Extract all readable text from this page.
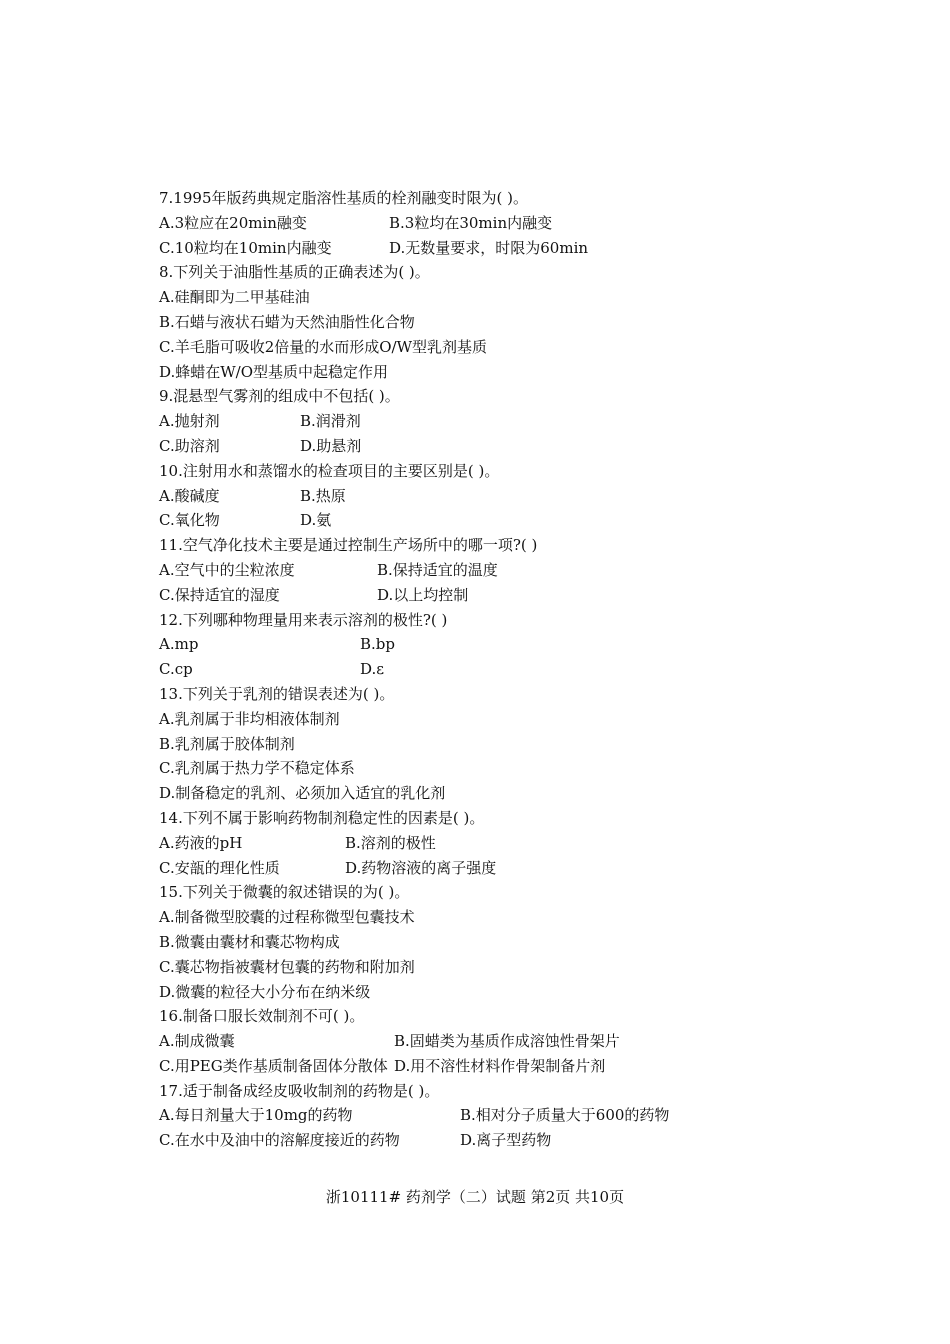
7.1995年版药典规定脂溶性基质的栓剂融变时限为( )。
A.3粒应在20min融变	B.3粒均在30min内融变
C.10粒均在10min内融变	D.无数量要求，时限为60min
8.下列关于油脂性基质的正确表述为( )。
A.硅酮即为二甲基硅油
B.石蜡与液状石蜡为天然油脂性化合物
C.羊毛脂可吸收2倍量的水而形成O/W型乳剂基质
D.蜂蜡在W/O型基质中起稳定作用
9.混悬型气雾剂的组成中不包括( )。
A.抛射剂	B.润滑剂
C.助溶剂	D.助悬剂
10.注射用水和蒸馏水的检查项目的主要区别是( )。
A.酸碱度	B.热原
C.氧化物	D.氨
11.空气净化技术主要是通过控制生产场所中的哪一项?( )
A.空气中的尘粒浓度	B.保持适宜的温度
C.保持适宜的湿度	D.以上均控制
12.下列哪种物理量用来表示溶剂的极性?( )
A.mp	B.bp
C.cp	D.ε
13.下列关于乳剂的错误表述为( )。
A.乳剂属于非均相液体制剂
B.乳剂属于胶体制剂
C.乳剂属于热力学不稳定体系
D.制备稳定的乳剂、必须加入适宜的乳化剂
14.下列不属于影响药物制剂稳定性的因素是( )。
A.药液的pH	B.溶剂的极性
C.安瓿的理化性质	D.药物溶液的离子强度
15.下列关于微囊的叙述错误的为( )。
A.制备微型胶囊的过程称微型包囊技术
B.微囊由囊材和囊芯物构成
C.囊芯物指被囊材包囊的药物和附加剂
D.微囊的粒径大小分布在纳米级
16.制备口服长效制剂不可( )。
A.制成微囊	B.固蜡类为基质作成溶蚀性骨架片
C.用PEG类作基质制备固体分散体 D.用不溶性材料作骨架制备片剂
17.适于制备成经皮吸收制剂的药物是( )。
A.每日剂量大于10mg的药物	B.相对分子质量大于600的药物
C.在水中及油中的溶解度接近的药物	D.离子型药物
浙10111# 药剂学（二）试题 第2页 共10页
